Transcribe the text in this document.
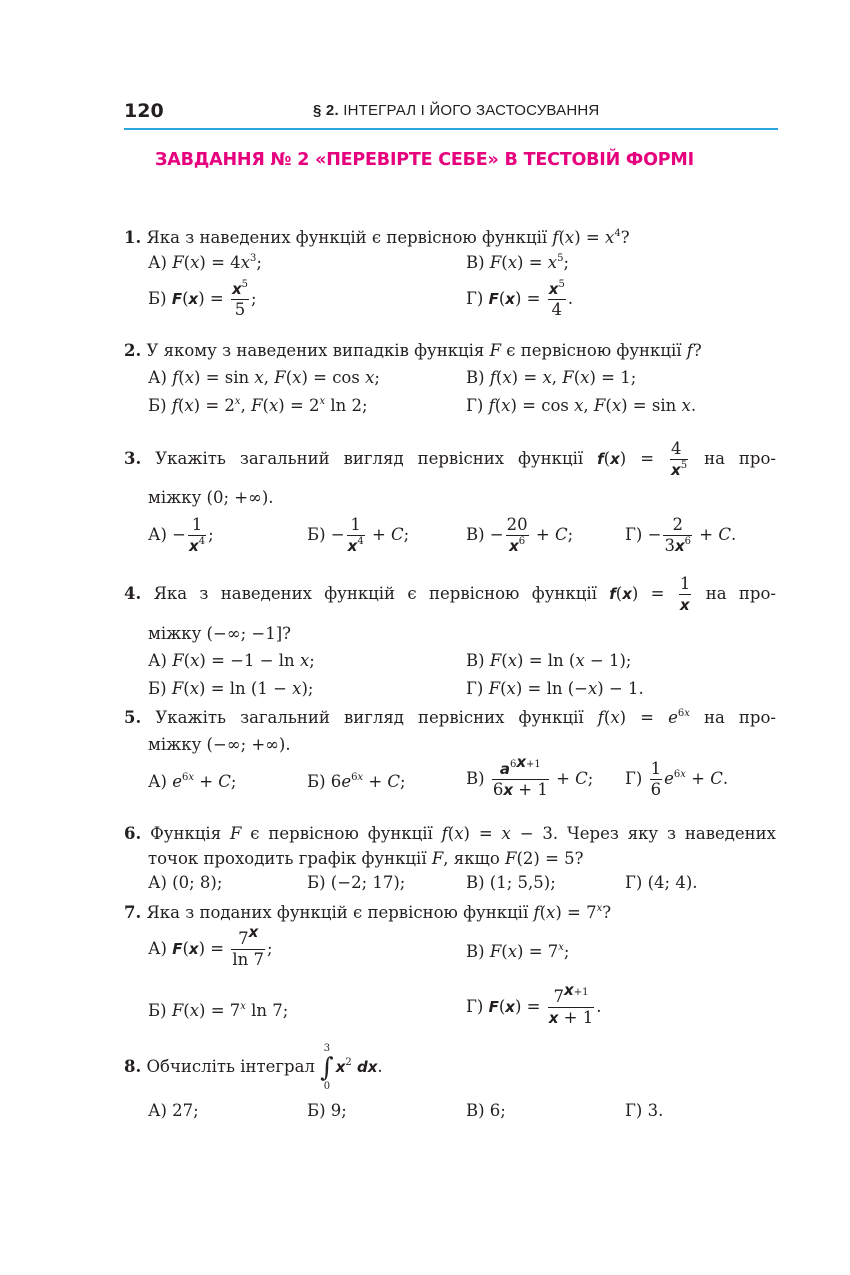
120	§ 2. ІНТЕГРАЛ І ЙОГО ЗАСТОСУВАННЯ
ЗАВДАННЯ № 2 «ПЕРЕВІРТЕ СЕБЕ» В ТЕСТОВІЙ ФОРМІ
1. Яка з наведених функцій є первісною функції $f(x) = x^4$?
А) $F(x) = 4x^3$;	В) $F(x) = x^5$;
Б) $F(x) = \frac{x^5}{5}$ ;	Г) $F(x) = \frac{x^5}{4}$ .
2. У якому з наведених випадків функція F є первісною функції f?
А) f(x) = sin x, F(x) = cos x;	В) f(x) = x, F(x) = 1;
Б) $f(x) = 2^x$, $F(x) = 2^x$ ln 2;	Г) f(x) = cos x, F(x) = sin x.
3. Укажіть загальний вигляд первісних функції $f(x) = \frac{4}{x^5}$ на про-
міжку (0; +∞).
$А) - \frac{1}{x^4}$ ;	$Б) - \frac{1}{x^4} + C$;	$В) - \frac{20}{x^6} + C$;	$Г) - \frac{2}{3x^6} + C$.
4. Яка з наведених функцій є первісною функції $f(x) = \frac{1}{x}$ на про-
міжку (−∞; −1]?
А) F(x) = −1 − ln x;	В) F(x) = ln (x − 1);
Б) F(x) = ln (1 − x);	Г) F(x) = ln (−x) − 1.
5. Укажіть загальний вигляд первісних функції $f(x) = e^{6x}$ на про-
міжку (−∞; +∞).
А) $e^{6x} + C$;	Б) $6e^{6x} + C$;	$В) \frac{a^{6x+1}}{6x + 1} + C$; $Г) \frac{1}{6} e^{6x} + C$.
6. Функція F є первісною функції f(x) = x − 3. Через яку з наведених
точок проходить графік функції F, якщо F(2) = 5?
А) (0; 8);	Б) (−2; 17);	В) (1; 5,5);	Г) (4; 4).
7. Яка з поданих функцій є первісною функції $f(x) = 7^x$?
А) $F(x) = \frac{7^x}{\ln 7}$ ;	В) $F(x) = 7^x$;
Б) $F(x) = 7^x$ ln 7;	Г) $F(x) = \frac{7^{x+1}}{x + 1}$ .
8. Обчисліть інтеграл
3
∫
0
$x^2$ dx.
А) 27;	Б) 9;	В) 6;	Г) 3.
